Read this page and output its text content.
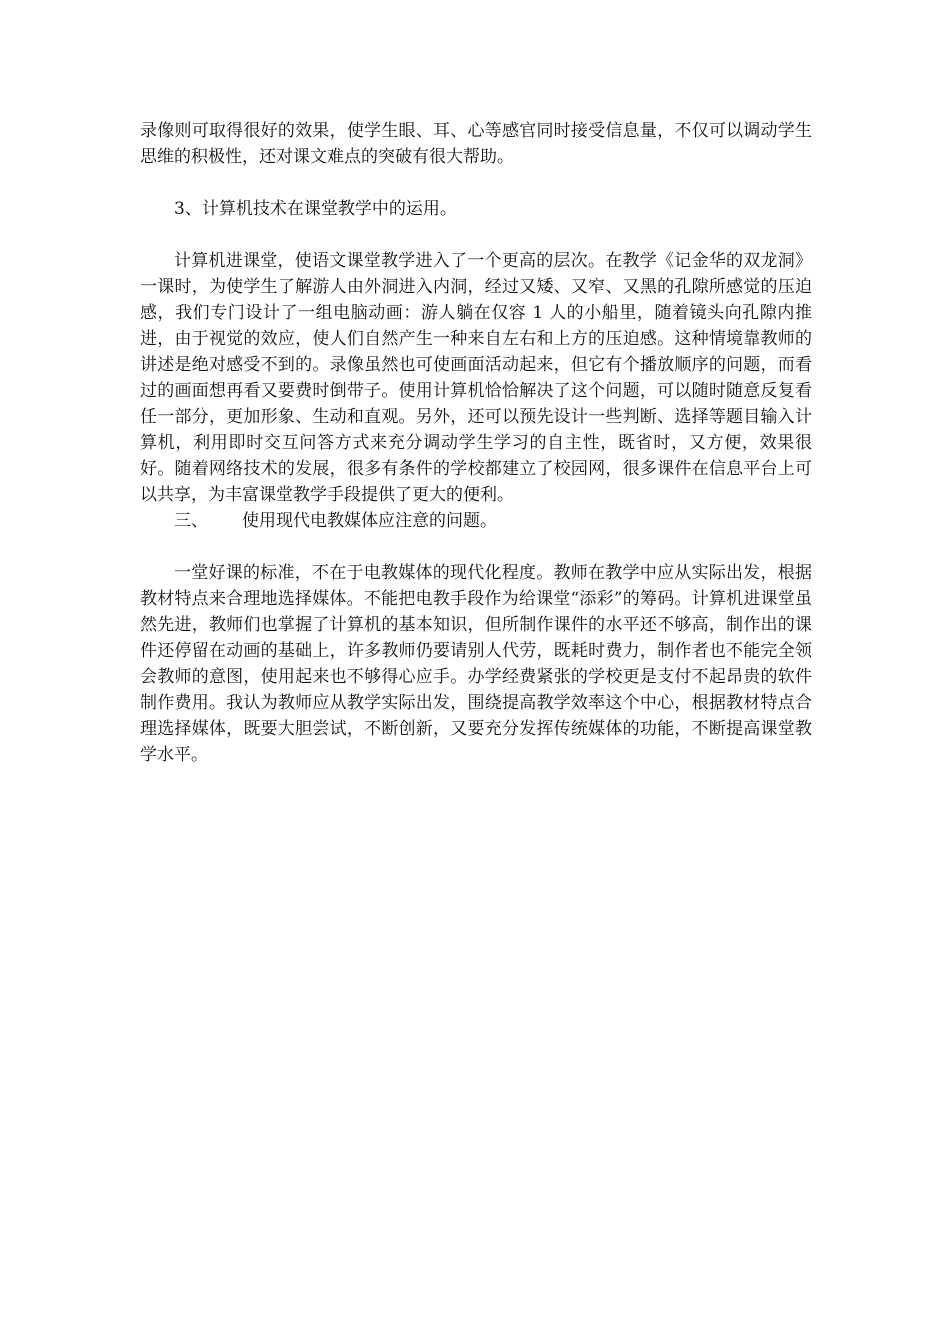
录像则可取得很好的效果，使学生眼、耳、心等感官同时接受信息量，不仅可以调动学生思维的积极性，还对课文难点的突破有很大帮助。

3、计算机技术在课堂教学中的运用。

计算机进课堂，使语文课堂教学进入了一个更高的层次。在教学《记金华的双龙洞》一课时，为使学生了解游人由外洞进入内洞，经过又矮、又窄、又黑的孔隙所感觉的压迫感，我们专门设计了一组电脑动画：游人躺在仅容 1 人的小船里，随着镜头向孔隙内推进，由于视觉的效应，使人们自然产生一种来自左右和上方的压迫感。这种情境靠教师的讲述是绝对感受不到的。录像虽然也可使画面活动起来，但它有个播放顺序的问题，而看过的画面想再看又要费时倒带子。使用计算机恰恰解决了这个问题，可以随时随意反复看任一部分，更加形象、生动和直观。另外，还可以预先设计一些判断、选择等题目输入计算机，利用即时交互问答方式来充分调动学生学习的自主性，既省时，又方便，效果很好。随着网络技术的发展，很多有条件的学校都建立了校园网，很多课件在信息平台上可以共享，为丰富课堂教学手段提供了更大的便利。

三、 使用现代电教媒体应注意的问题。

一堂好课的标准，不在于电教媒体的现代化程度。教师在教学中应从实际出发，根据教材特点来合理地选择媒体。不能把电教手段作为给课堂“添彩”的筹码。计算机进课堂虽然先进，教师们也掌握了计算机的基本知识，但所制作课件的水平还不够高，制作出的课件还停留在动画的基础上，许多教师仍要请别人代劳，既耗时费力，制作者也不能完全领会教师的意图，使用起来也不够得心应手。办学经费紧张的学校更是支付不起昂贵的软件制作费用。我认为教师应从教学实际出发，围绕提高教学效率这个中心，根据教材特点合理选择媒体，既要大胆尝试，不断创新，又要充分发挥传统媒体的功能，不断提高课堂教学水平。
